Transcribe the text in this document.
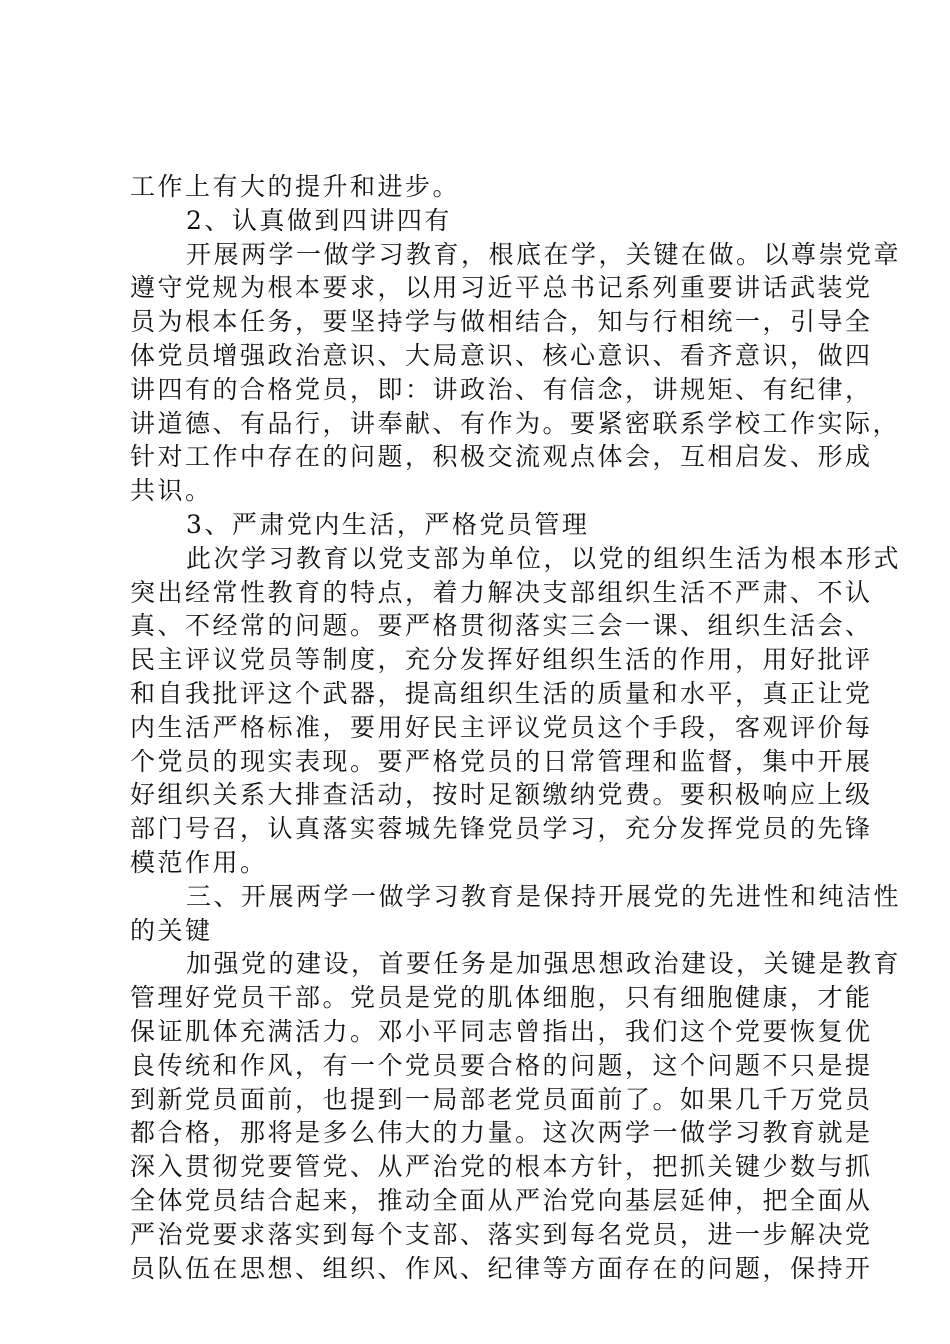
工作上有大的提升和进步。
2、认真做到四讲四有
开展两学一做学习教育，根底在学，关键在做。以尊崇党章
遵守党规为根本要求，以用习近平总书记系列重要讲话武装党
员为根本任务，要坚持学与做相结合，知与行相统一，引导全
体党员增强政治意识、大局意识、核心意识、看齐意识，做四
讲四有的合格党员，即：讲政治、有信念，讲规矩、有纪律，
讲道德、有品行，讲奉献、有作为。要紧密联系学校工作实际，
针对工作中存在的问题，积极交流观点体会，互相启发、形成
共识。
3、严肃党内生活，严格党员管理
此次学习教育以党支部为单位，以党的组织生活为根本形式
突出经常性教育的特点，着力解决支部组织生活不严肃、不认
真、不经常的问题。要严格贯彻落实三会一课、组织生活会、
民主评议党员等制度，充分发挥好组织生活的作用，用好批评
和自我批评这个武器，提高组织生活的质量和水平，真正让党
内生活严格标准，要用好民主评议党员这个手段，客观评价每
个党员的现实表现。要严格党员的日常管理和监督，集中开展
好组织关系大排查活动，按时足额缴纳党费。要积极响应上级
部门号召，认真落实蓉城先锋党员学习，充分发挥党员的先锋
模范作用。
三、开展两学一做学习教育是保持开展党的先进性和纯洁性
的关键
加强党的建设，首要任务是加强思想政治建设，关键是教育
管理好党员干部。党员是党的肌体细胞，只有细胞健康，才能
保证肌体充满活力。邓小平同志曾指出，我们这个党要恢复优
良传统和作风，有一个党员要合格的问题，这个问题不只是提
到新党员面前，也提到一局部老党员面前了。如果几千万党员
都合格，那将是多么伟大的力量。这次两学一做学习教育就是
深入贯彻党要管党、从严治党的根本方针，把抓关键少数与抓
全体党员结合起来，推动全面从严治党向基层延伸，把全面从
严治党要求落实到每个支部、落实到每名党员，进一步解决党
员队伍在思想、组织、作风、纪律等方面存在的问题，保持开
